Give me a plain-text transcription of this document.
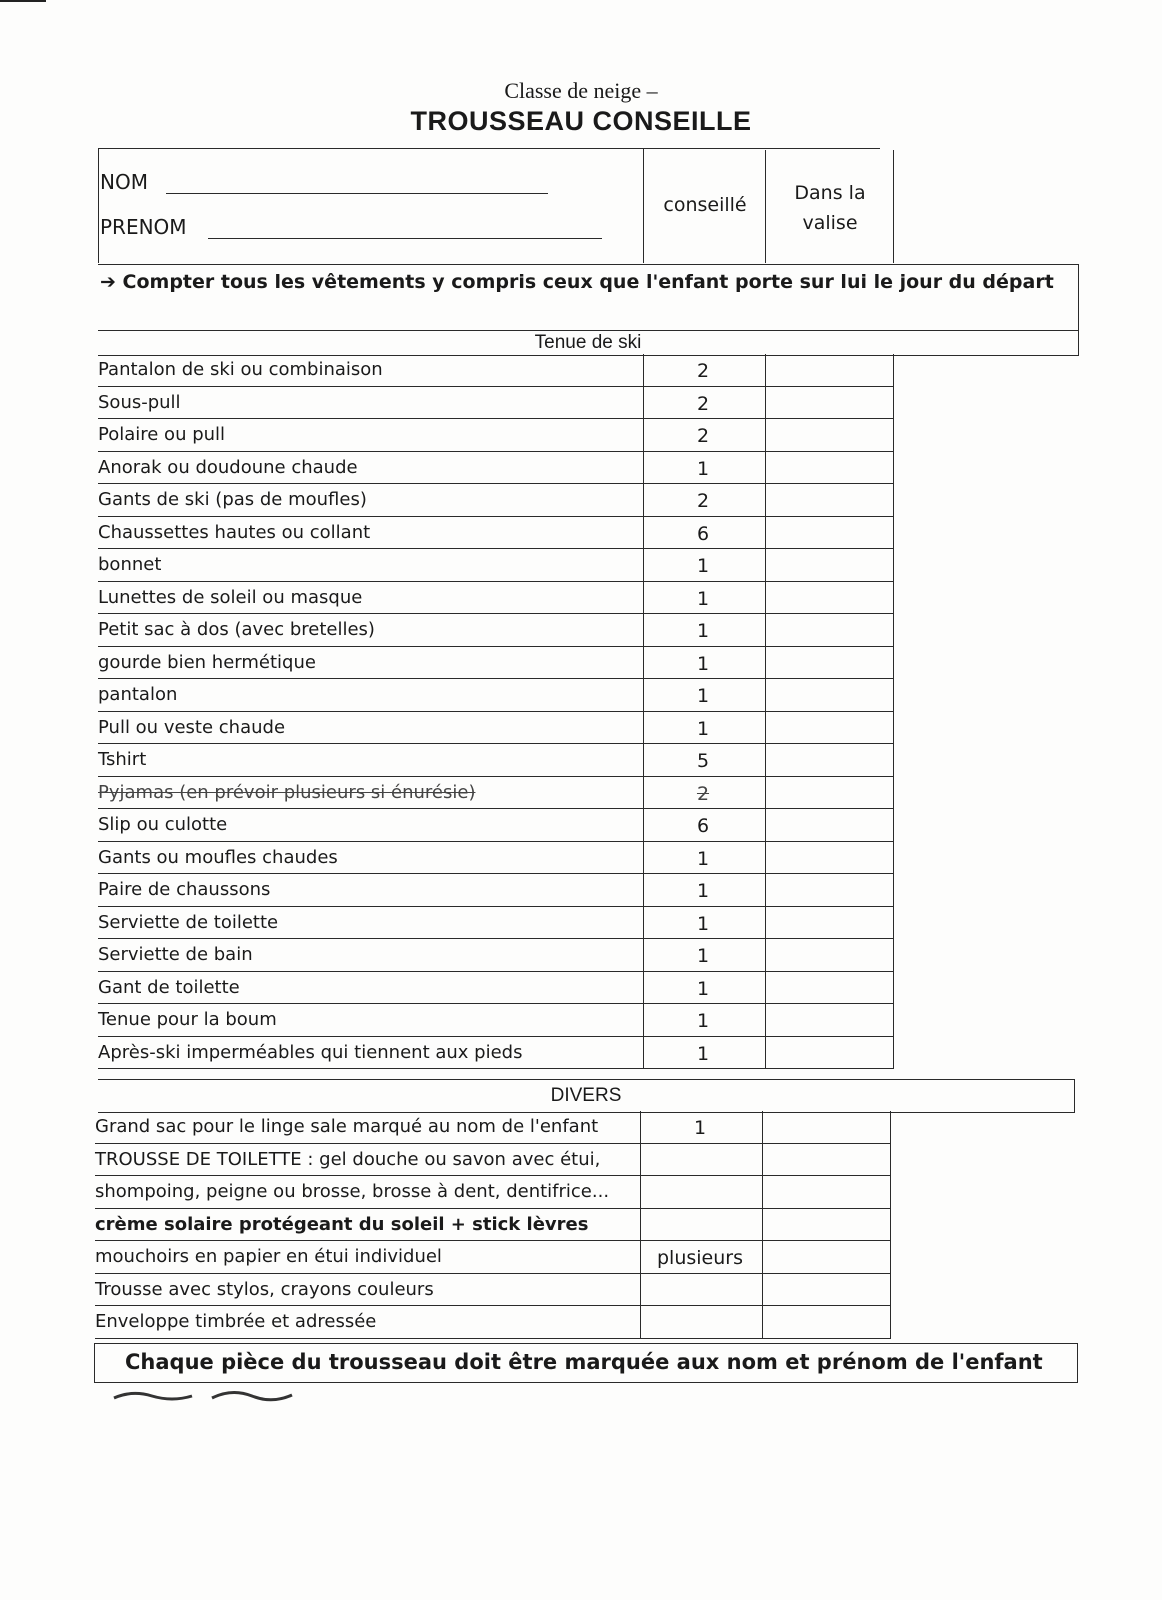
Classe de neige –
TROUSSEAU CONSEILLE
NOM
PRENOM
conseillé
Dans la valise
➔ Compter tous les vêtements y compris ceux que l'enfant porte sur lui le jour du départ
Tenue de ski
Pantalon de ski ou combinaison	2
Sous-pull	2
Polaire ou pull	2
Anorak ou doudoune chaude	1
Gants de ski (pas de moufles)	2
Chaussettes hautes ou collant	6
bonnet	1
Lunettes de soleil ou masque	1
Petit sac à dos (avec bretelles)	1
gourde bien hermétique	1
pantalon	1
Pull ou veste chaude	1
Tshirt	5
Pyjamas (en prévoir plusieurs si énurésie)	2
Slip ou culotte	6
Gants ou moufles chaudes	1
Paire de chaussons	1
Serviette de toilette	1
Serviette de bain	1
Gant de toilette	1
Tenue pour la boum	1
Après-ski imperméables qui tiennent aux pieds	1
DIVERS
Grand sac pour le linge sale marqué au nom de l'enfant	1
TROUSSE DE TOILETTE : gel douche ou savon avec étui,
shompoing, peigne ou brosse, brosse à dent, dentifrice...
crème solaire protégeant du soleil + stick lèvres
mouchoirs en papier en étui individuel	plusieurs
Trousse avec stylos, crayons couleurs
Enveloppe timbrée et adressée
Chaque pièce du trousseau doit être marquée aux nom et prénom de l'enfant
